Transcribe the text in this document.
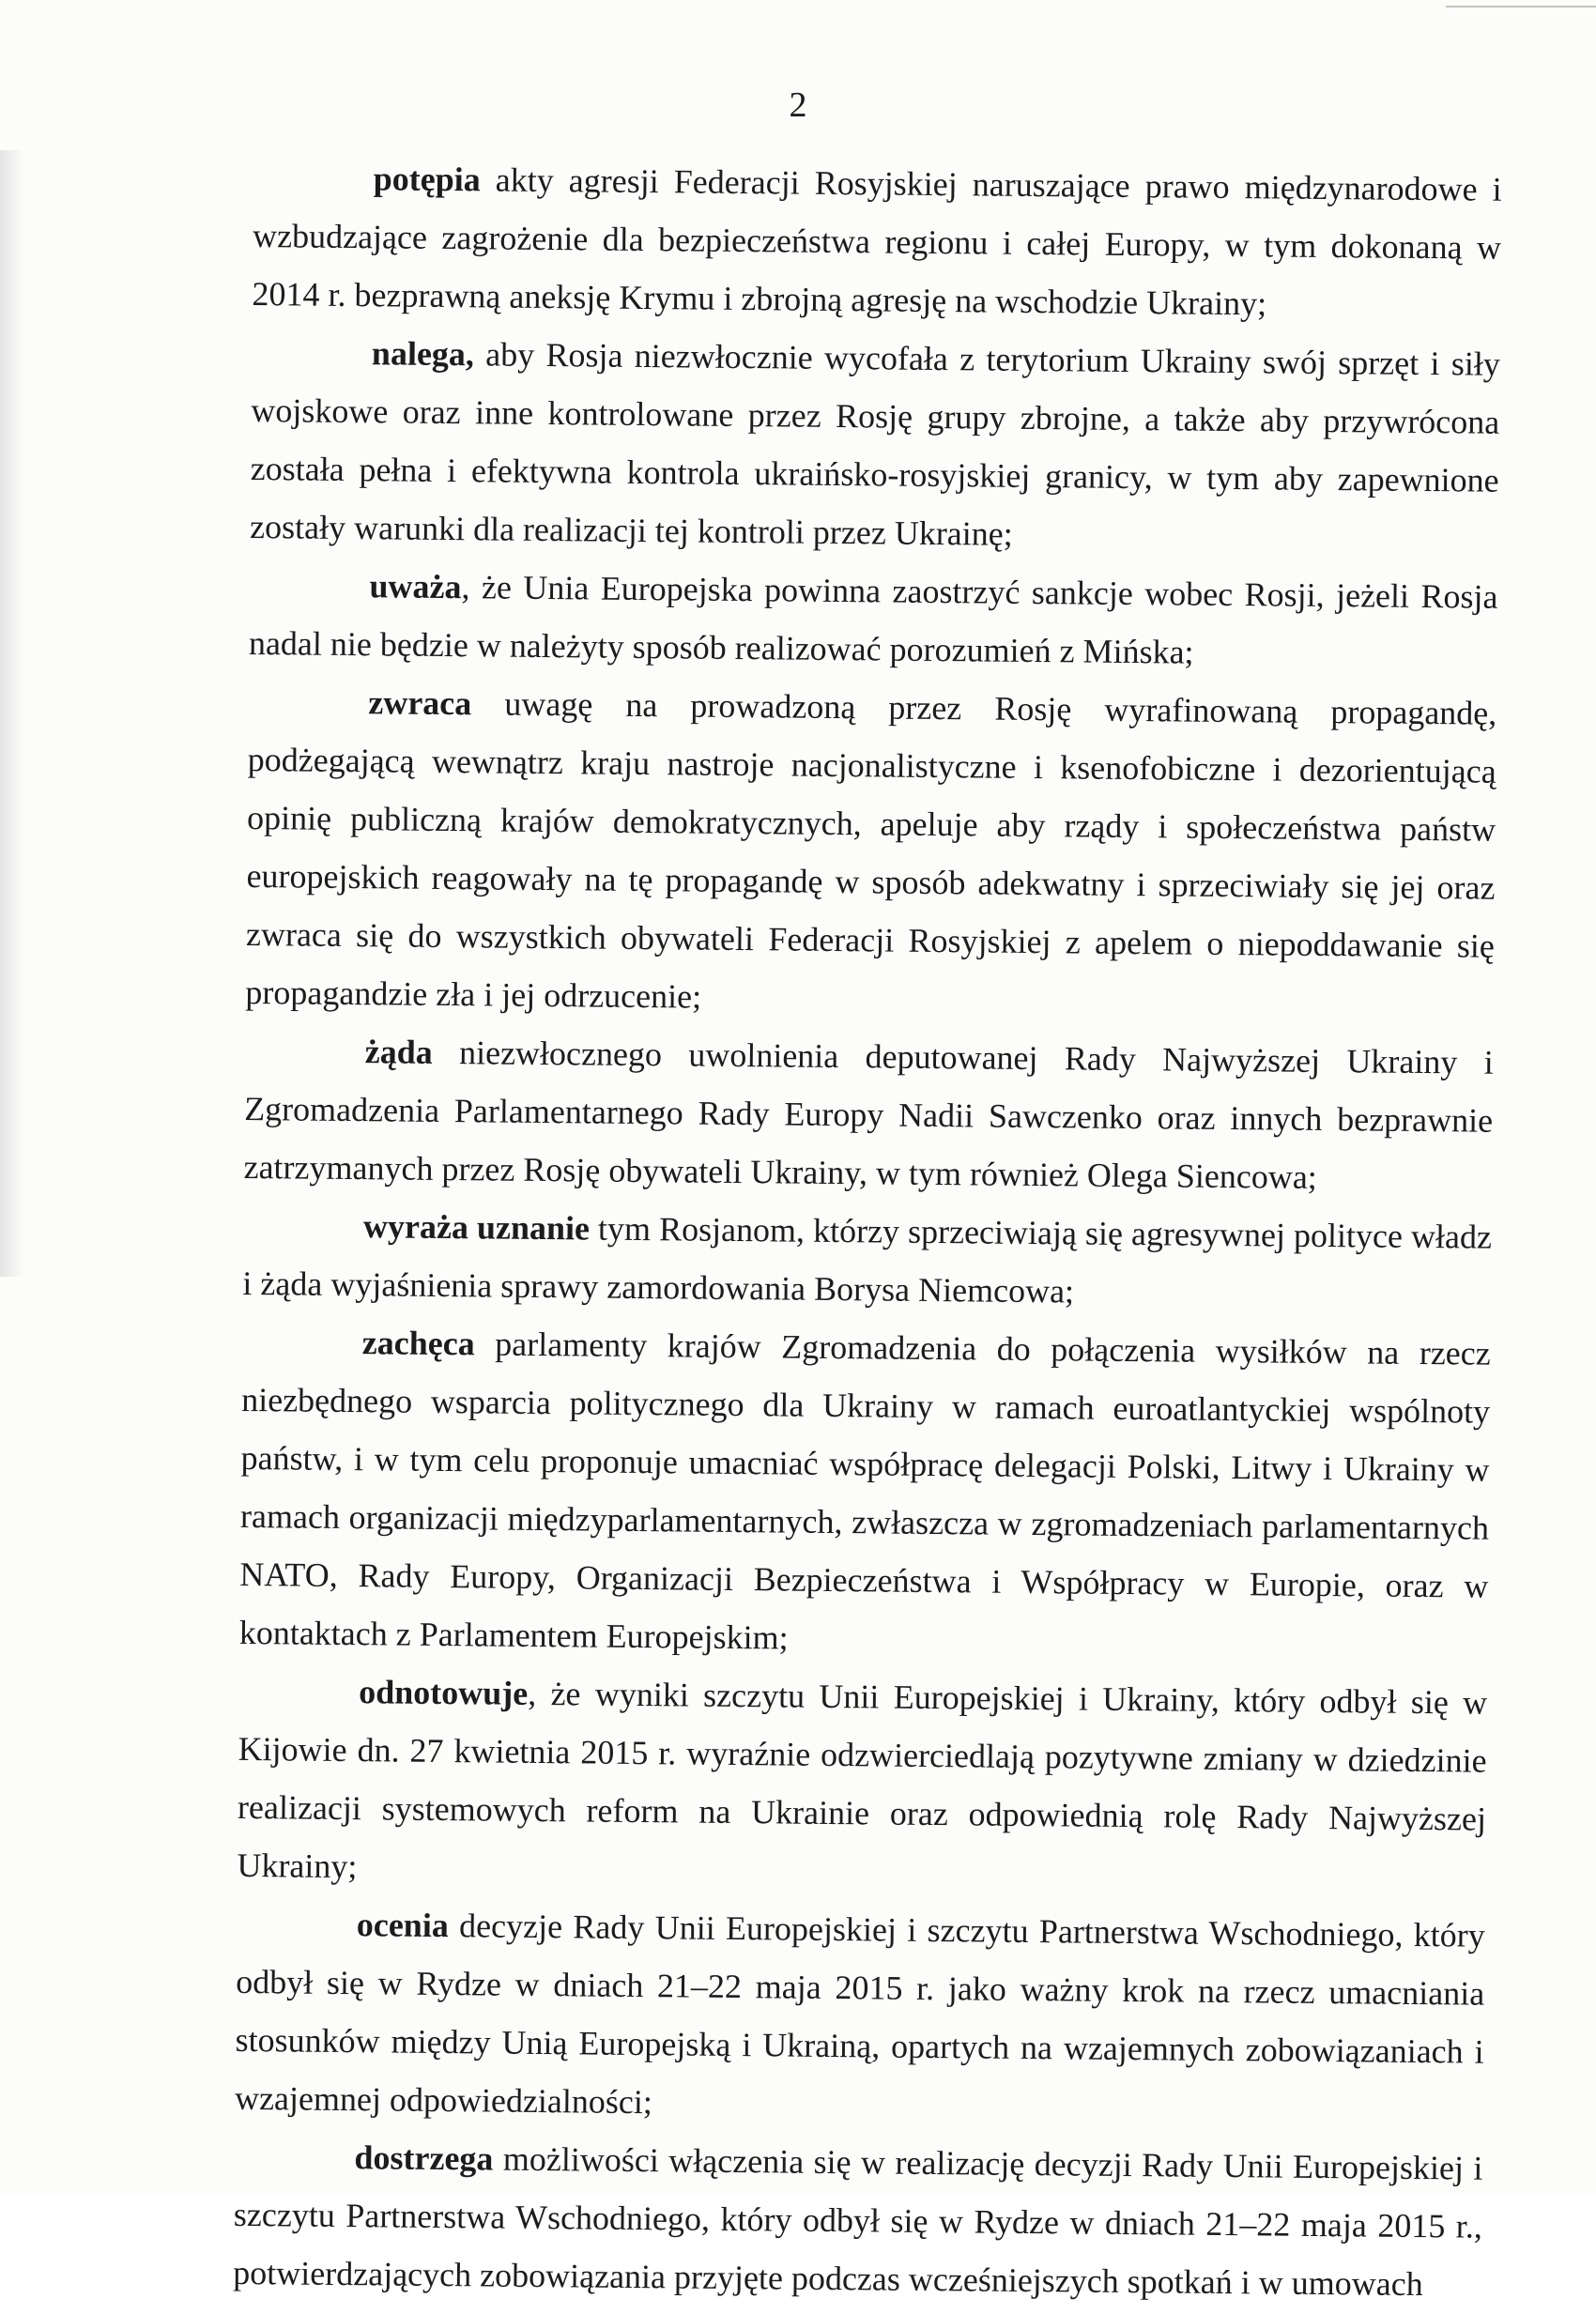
2

potępia akty agresji Federacji Rosyjskiej naruszające prawo międzynarodowe i wzbudzające zagrożenie dla bezpieczeństwa regionu i całej Europy, w tym dokonaną w 2014 r. bezprawną aneksję Krymu i zbrojną agresję na wschodzie Ukrainy;

nalega, aby Rosja niezwłocznie wycofała z terytorium Ukrainy swój sprzęt i siły wojskowe oraz inne kontrolowane przez Rosję grupy zbrojne, a także aby przywrócona została pełna i efektywna kontrola ukraińsko-rosyjskiej granicy, w tym aby zapewnione zostały warunki dla realizacji tej kontroli przez Ukrainę;

uważa, że Unia Europejska powinna zaostrzyć sankcje wobec Rosji, jeżeli Rosja nadal nie będzie w należyty sposób realizować porozumień z Mińska;

zwraca uwagę na prowadzoną przez Rosję wyrafinowaną propagandę, podżegającą wewnątrz kraju nastroje nacjonalistyczne i ksenofobiczne i dezorientującą opinię publiczną krajów demokratycznych, apeluje aby rządy i społeczeństwa państw europejskich reagowały na tę propagandę w sposób adekwatny i sprzeciwiały się jej oraz zwraca się do wszystkich obywateli Federacji Rosyjskiej z apelem o niepoddawanie się propagandzie zła i jej odrzucenie;

żąda niezwłocznego uwolnienia deputowanej Rady Najwyższej Ukrainy i Zgromadzenia Parlamentarnego Rady Europy Nadii Sawczenko oraz innych bezprawnie zatrzymanych przez Rosję obywateli Ukrainy, w tym również Olega Siencowa;

wyraża uznanie tym Rosjanom, którzy sprzeciwiają się agresywnej polityce władz i żąda wyjaśnienia sprawy zamordowania Borysa Niemcowa;

zachęca parlamenty krajów Zgromadzenia do połączenia wysiłków na rzecz niezbędnego wsparcia politycznego dla Ukrainy w ramach euroatlantyckiej wspólnoty państw, i w tym celu proponuje umacniać współpracę delegacji Polski, Litwy i Ukrainy w ramach organizacji międzyparlamentarnych, zwłaszcza w zgromadzeniach parlamentarnych NATO, Rady Europy, Organizacji Bezpieczeństwa i Współpracy w Europie, oraz w kontaktach z Parlamentem Europejskim;

odnotowuje, że wyniki szczytu Unii Europejskiej i Ukrainy, który odbył się w Kijowie dn. 27 kwietnia 2015 r. wyraźnie odzwierciedlają pozytywne zmiany w dziedzinie realizacji systemowych reform na Ukrainie oraz odpowiednią rolę Rady Najwyższej Ukrainy;

ocenia decyzje Rady Unii Europejskiej i szczytu Partnerstwa Wschodniego, który odbył się w Rydze w dniach 21–22 maja 2015 r. jako ważny krok na rzecz umacniania stosunków między Unią Europejską i Ukrainą, opartych na wzajemnych zobowiązaniach i wzajemnej odpowiedzialności;

dostrzega możliwości włączenia się w realizację decyzji Rady Unii Europejskiej i szczytu Partnerstwa Wschodniego, który odbył się w Rydze w dniach 21–22 maja 2015 r., potwierdzających zobowiązania przyjęte podczas wcześniejszych spotkań i w umowach
